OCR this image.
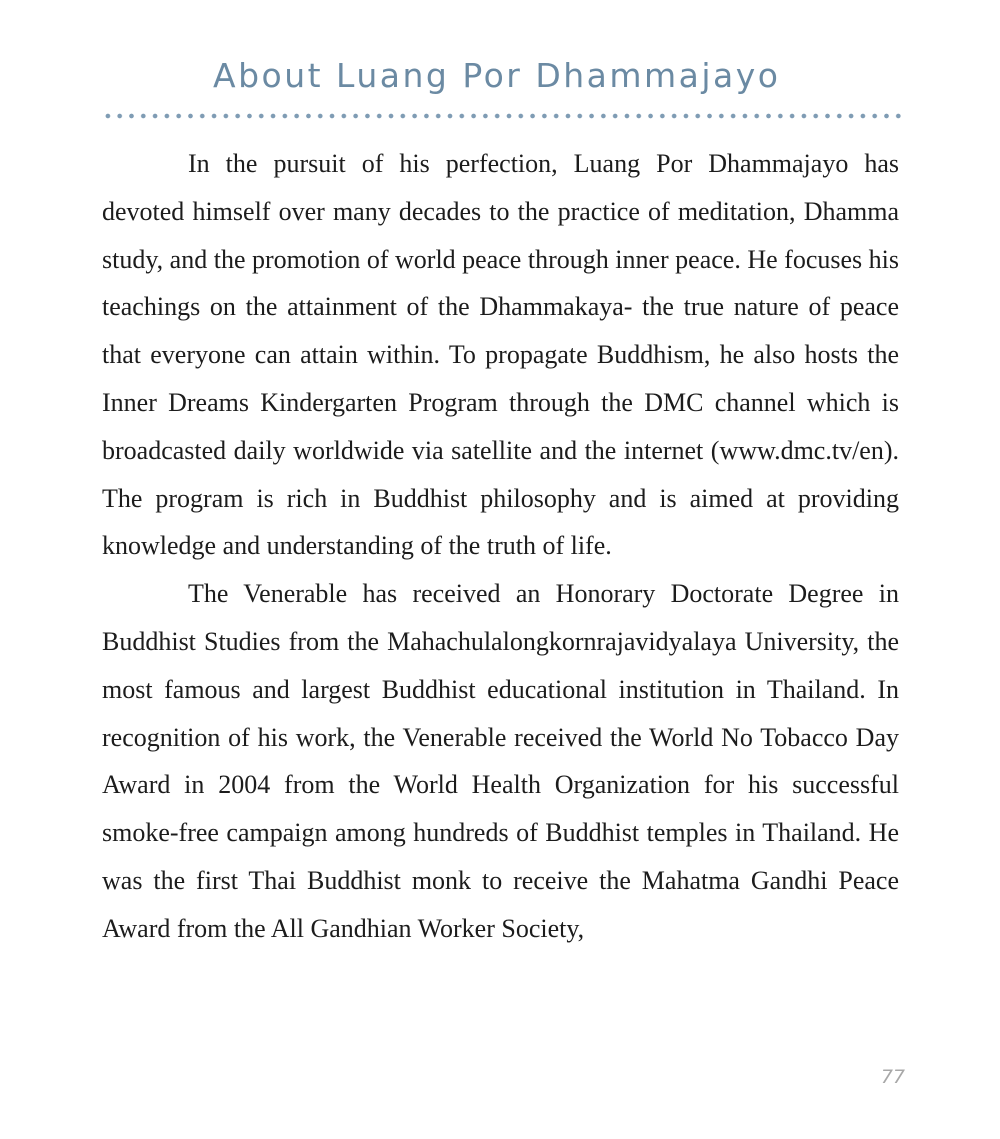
About Luang Por Dhammajayo

In the pursuit of his perfection, Luang Por Dhammajayo has devoted himself over many decades to the practice of meditation, Dhamma study, and the promotion of world peace through inner peace. He focuses his teachings on the attainment of the Dhammakaya- the true nature of peace that everyone can attain within. To propagate Buddhism, he also hosts the Inner Dreams Kindergarten Program through the DMC channel which is broadcasted daily worldwide via satellite and the internet (www.dmc.tv/en). The program is rich in Buddhist philosophy and is aimed at providing knowledge and understanding of the truth of life.

The Venerable has received an Honorary Doctorate Degree in Buddhist Studies from the Mahachulalongkornrajavidyalaya University, the most famous and largest Buddhist educational institution in Thailand. In recognition of his work, the Venerable received the World No Tobacco Day Award in 2004 from the World Health Organization for his successful smoke-free campaign among hundreds of Buddhist temples in Thailand. He was the first Thai Buddhist monk to receive the Mahatma Gandhi Peace Award from the All Gandhian Worker Society,

77
